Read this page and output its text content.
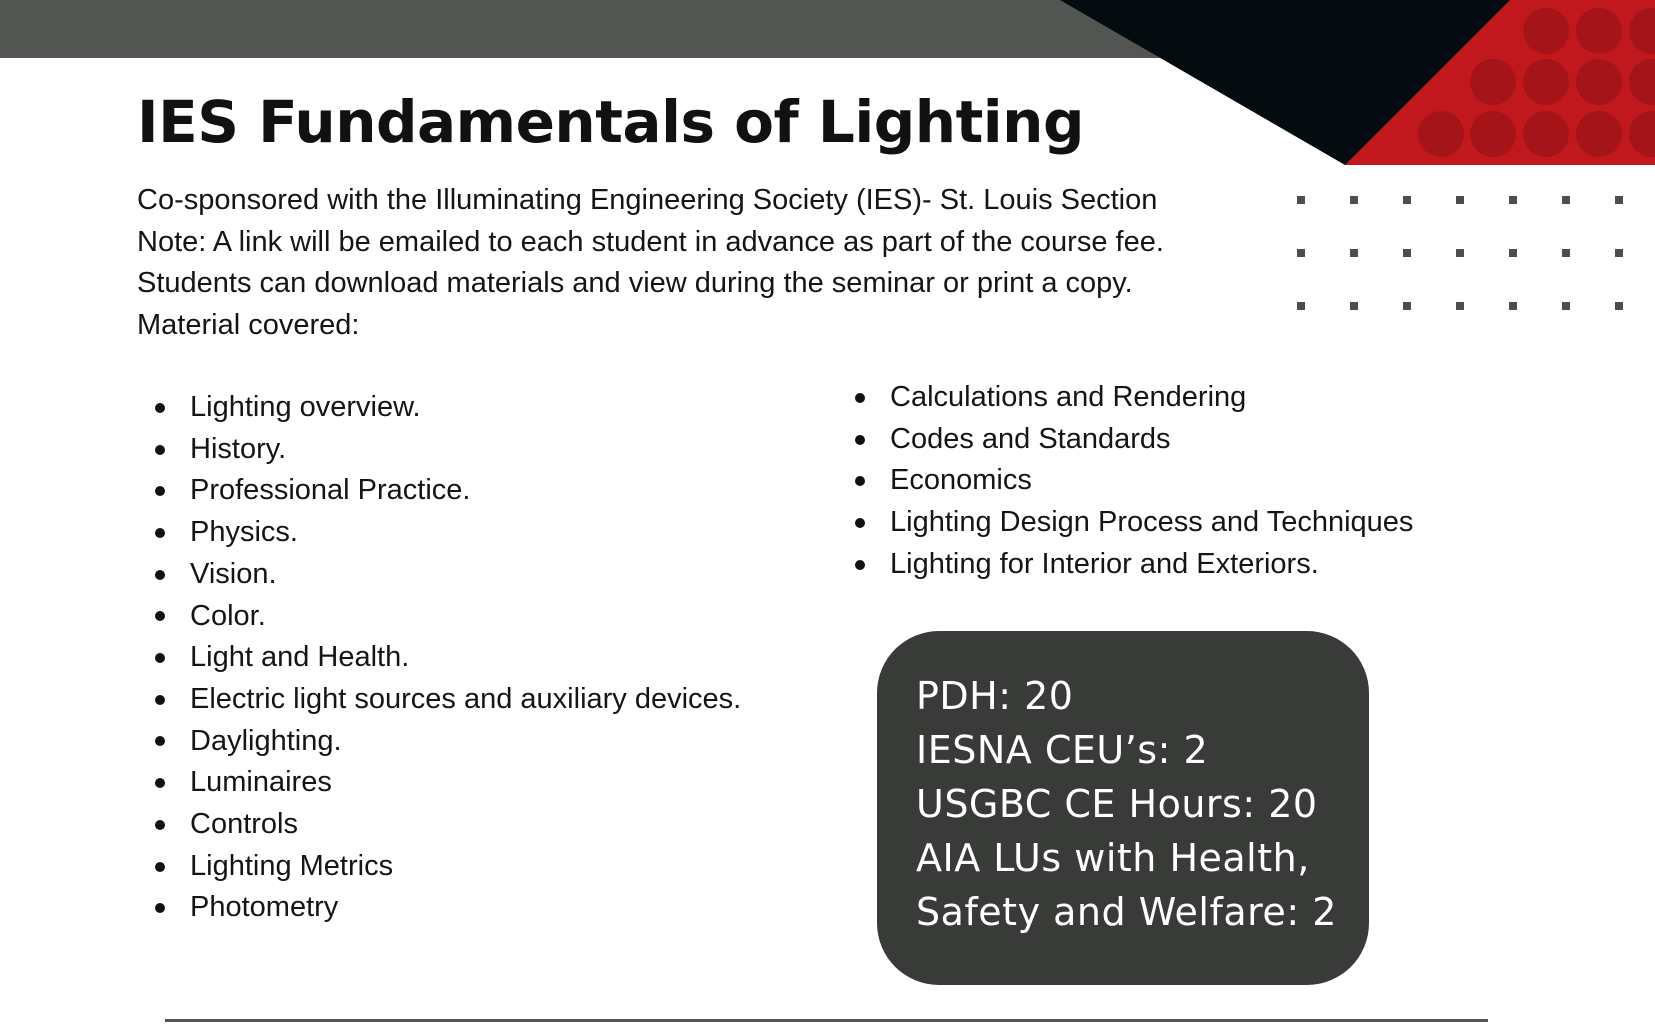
IES Fundamentals of Lighting
Co-sponsored with the Illuminating Engineering Society (IES)- St. Louis Section
Note: A link will be emailed to each student in advance as part of the course fee.
Students can download materials and view during the seminar or print a copy.
Material covered:
Lighting overview.
History.
Professional Practice.
Physics.
Vision.
Color.
Light and Health.
Electric light sources and auxiliary devices.
Daylighting.
Luminaires
Controls
Lighting Metrics
Photometry
Calculations and Rendering
Codes and Standards
Economics
Lighting Design Process and Techniques
Lighting for Interior and Exteriors.
PDH: 20
IESNA CEU’s: 2
USGBC CE Hours: 20
AIA LUs with Health,
Safety and Welfare: 2
